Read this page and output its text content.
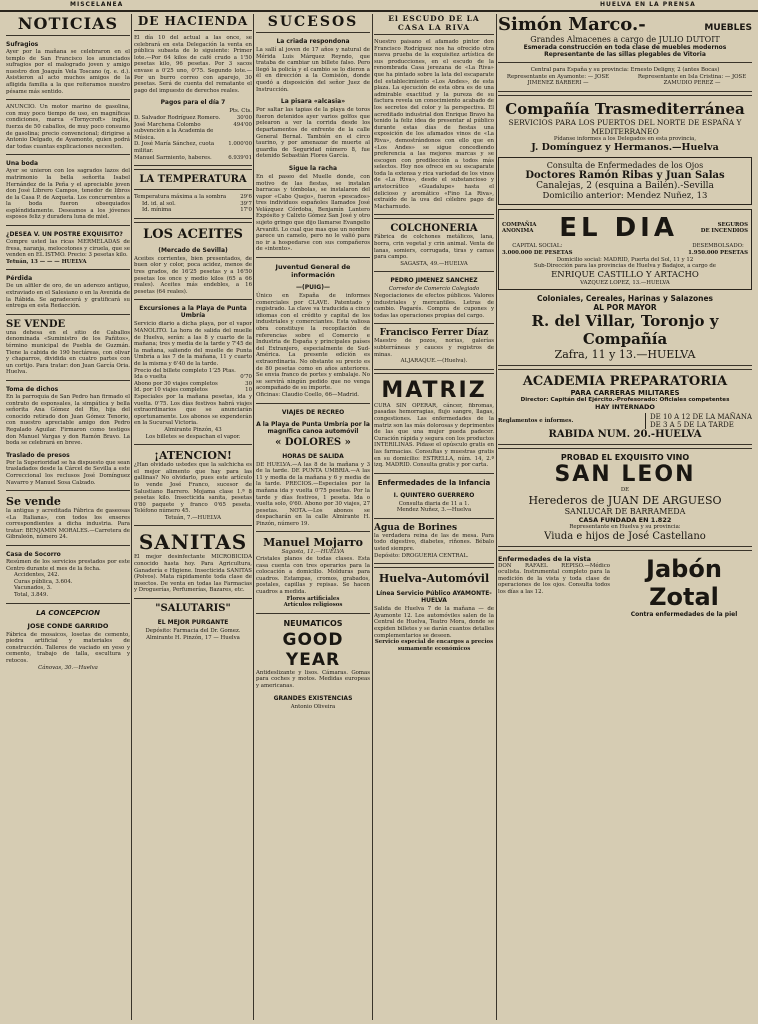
MISCELANEA	HUELVA EN LA PRENSA
NOTICIAS
Sufragios

Ayer por la mañana se celebraron en el templo de San Francisco los anunciados sufragios por el malogrado joven y amigo nuestro don Joaquín Vela Toscano (q. e. d.). Asistieron al acto muchos amigos de la afligida familia a la que reiteramos nuestro pésame más sentido.

ANUNCIO. Un motor marino de gasolina, con muy poco tiempo de uso, en magníficas condiciones, marca «Tornycroft» inglés, fuerza de 50 caballos, de muy poco consumo de gasolina; precio convencional; dirigirse a Antonio Delgado, de Ayamonte, quien podrá dar todas cuantas explicaciones necesiten.

Una boda

Ayer se unieron con los sagrados lazos del matrimonio la bella señorita Isabel Hernández de la Peña y el apreciable joven don José Librero Campos, tenedor de libros de la Casa P. de Azqueta. Los concurrentes a la boda fueron obsequiados espléndidamente. Deseamos a los jóvenes esposos feliz y duradera luna de miel.

¿DESEA V. UN POSTRE EXQUISITO?

Compre usted las ricas MERMELADAS de fresa, naranja, melocotones y ciruela, que se venden en EL ISTMO. Precio: 3 pesetas kilo.

Tetuán, 13 — — — HUELVA

Pérdida

De un alfiler de oro, de un aderezo antiguo, extraviado en el Salesiano o en la Avenida de la Rábida. Se agradecerá y gratificará su entrega en esta Redacción.

SE VENDE

una dehesa en el sitio de Caballos denominada «Suministro de los Pañitos», término municipal de Puebla de Guzmán. Tiene la cabida de 190 hectáreas, con olivar y chaparros, dividida en cuatro partes con un cortijo. Para tratar: don Juan García Oria. Huelva.

Toma de dichos

En la parroquia de San Pedro han firmado el contrato de esponsales, la simpática y bella señorita Ana Gómez del Río, hija del conocido retirado don Juan Gómez Tenorio, con nuestro apreciable amigo don Pedro Regalado Aguilar. Firmaron como testigos don Manuel Vargas y don Ramón Bravo. La boda se celebrará en breve.

Traslado de presos

Por la Superioridad se ha dispuesto que sean trasladados desde la Cárcel de Sevilla a este Correccional los reclusos José Domínguez Navarro y Manuel Sosa Calzado.

Se vende

la antigua y acreditada Fábrica de gaseosas «La Italiana», con todos los enseres correspondientes a dicha industria. Para tratar: BENJAMIN MORALES.—Carretera de Gibraleón, número 24.

Casa de Socorro

Resúmen de los servicios prestados por este Centro durante el mes de la fecha.

Accidentes, 242.

Curas pública, 3.604.

Vacunados, 3.

Total, 3.849.

LA CONCEPCION
JOSE CONDE GARRIDO

Fábrica de mosaicos, losetas de cemento, piedra artificial y materiales de construcción. Talleres de vaciado en yeso y cemento, trabajo de talla, escultura y retocos.

Cánovas, 30.—Huelva

DE HACIENDA

El día 10 del actual a las once, se celebrará en esta Delegación la venta en pública subasta de lo siguiente: Primer lote.—Por 64 kilos de café crudo a 1'50 pesetas kilo, 96 pesetas. Por 3 sacos envase a 0'25 uno, 0'75. Segundo lote.—Por un burro correo con aparejo, 30 pesetas. Será de cuenta del rematante el pago del impuesto de derechos reales.

Pagos para el día 7
Pts. Cts.
D. Salvador Rodríguez Romero.	30'00
José Marchena Colombo subvención a la Academia de Música.
494'00
D. José María Sánchez, cuota militar.
1.000'00
Manuel Sarmiento, haberes.	6.939'01
LA TEMPERATURA
Temperatura máxima a la sombra	29'6
Id. id. al sol.	39'7
Id. mínima	17'0
LOS ACEITES
(Mercado de Sevilla)

Aceites corrientes, bien presentados, de buen olor y color, poca acidez, menos de tres grados, de 16'25 pesetas y a 16'50 pesetas los once y medio kilos (65 a 66 reales). Aceites más endebles, a 16 pesetas (64 reales).

Excursiones a la Playa de Punta Umbría

Servicio diario a dicha playa, por el vapor MANOLITO. La hora de salida del muelle de Huelva, serán: a las 8 y cuarto de la mañana; tres y media de la tarde y 7'45 de la mañana, saliendo del muelle de Punta Umbría a las 7 de la mañana, 11 y cuarto de la misma y 6'40 de la tarde.

Precio del billete completo 1'25 Ptas.
Ida o vuelta	0'70
Abono por 30 viajes completos	30
Id. por 10 viajes completos	10

Especiales por la mañana pesetas, ida y vuelta. 0'75. Los días festivos habrá viajes extraordinarios que se anunciarán oportunamente. Los abonos se expenderán en la Sucursal Victoria.

Almirante Pinzón, 43

Los billetes se despachan el vapor.

¡ATENCION!

¿Han olvidado ustedes que la salchicha es el mejor alimento que hay para las gallinas? No olvidarlo, pues este artículo lo vende José Franco, sucesor de Salustiano Barrero. Mojama clase 1.ª 8 pesetas kilo. Insecticida sanita, pesetas 0'80 paquete y franco 0'65 peseta. Teléfono número 45.

Tetuán, 7.—HUELVA

SANITAS

El mejor desinfectante MICROBICIDA conocido hasta hoy. Para Agricultura, Ganadería e Higiene. Insecticida SANITAS (Polvos). Mata rápidamente toda clase de insectos. De venta en todas las Farmacias y Droguerías, Perfumerías, Bazares, etc.

"SALUTARIS"
EL MEJOR PURGANTE

Depósito: Farmacia del Dr. Gomez.

Almirante H. Pinzón, 17 — Huelva

SUCESOS
La criada respondona

La sallí al joven de 17 años y natural de Mérida Luis Márquez Reyndo, que trataba de cambiar un billete falso. Pero llegó la policía y el cambio se lo dieron a él en dirección a la Comisión, donde quedó a disposición del señor Juez de Instrucción.

La pisara «alcasia»

Por saltar las tapias de la playa de toros fueron detenidos ayer varios golfos que pelearon a ver la corrida desde los departamentos de enfrente de la calle General Bernal. También en el circo taurino, y por amenazar de muerte al guardia de Seguridad número 8, fue detenido Sebastián Flores García.

Sigue la racha

En el paseo del Muelle donde, con motivo de las fiestas, se instalan barracas y tómbolas, se instalaron del vapor «Cabo Quejo», fueron «pescados» tres individuos españoles llamados José Velázquez Córdoba, Benjamín Lantero Expósito y Calixto Gómez San José y otro sujeto gringo que dijo llamarse Evangelio Arvaniti. Lo cual que mas que un nombre parece un camelo, pero no le valió para no ir a hospedarse con sus compañeros de «intento».

Juventud General de información
—(PUIG)—

Único en España de informes comerciales por CLAVE. Patentado y registrado. La clave va traducida a cinco idiomas con el crédito y capital de los industriales y comerciantes. Esta valiosa obra constituye la recopilación de referencias sobre el Comercio e Industria de España y principales países del Extranjero, especialmente de Sud-América. La presente edición es extraordinaria. No obstante su precio es de 80 pesetas como en años anteriores. Se envía franco de portes y embalaje. No se servirá ningún pedido que no venga acompañado de su importe.

Oficinas: Claudio Coello, 66—Madrid.

VIAJES DE RECREO
A la Playa de Punta Umbría por la magnífica canoa automóvil
« DOLORES »
HORAS DE SALIDA

DE HUELVA.—A las 8 de la mañana y 3 de la tarde. DE PUNTA UMBRIA.—A las 11 y media de la mañana y 6 y media de la tarde. PRECIOS.—Especiales por la mañana ida y vuelta 0'75 pesetas. Por la tarde y días festivos, 1 peseta. Ida o vuelta solo, 0'60. Abono por 30 viajes, 27 pesetas. NOTA.—Los abonos se despacharán en la calle Almirante H. Pinzón, número 19.

Manuel Mojarro

Sagasta, 11.—HUELVA

Cristales planos de todas clases. Esta casa cuenta con tres operarios para la colocación a domicilio. Molduras para cuadros. Estampas, cromos, grabados, postales, capillas y repisas. Se hacen cuadros a medida.

Flores artificiales

Artículos religiosos

NEUMATICOS
GOOD YEAR

Antideslizante y lisos. Cámaras. Gomas para coches y motos. Medidas europeas y americanas.

GRANDES EXISTENCIAS

Antonio Oliveira

El ESCUDO DE LA CASA LA RIVA

Nuestro paisano el afamado pintor don Francisco Rodríguez nos ha ofrecido otra nueva prueba de la exquisitez artística de sus producciones, en el escudo de la renombrada Casa jerezana de «La Riva» que ha pintado sobre la lata del escaparate del establecimiento «Los Andes», de esta plaza. La ejecución de esta obra es de una admirable exactitud y la pureza de su factura revela un conocimiento acabado de los secretos del color y la perspectiva. El acreditado industrial don Enrique Bravo ha tenido la feliz idea de presentar al público durante estas días de fiestas una exposición de los afamados vinos de «La Riva», demostrándonos con ello que en «Los Andes» se sigue concediendo preferencia a las mejores marcas y se escogen con predilección a todos más selectos. Hoy nos ofrece en su escaparate toda la extensa y rica variedad de los vinos de «La Riva», desde el substancioso y aristocrático «Guadalupe» hasta el delicioso y aromático «Fino La Riva», extraído de la uva del célebre pago de Macharnudo.

COLCHONERIA

Fábrica de colchones metálicos, lana, borra, crin vegetal y crin animal. Venta de lanas, somiers, corrugada, tiras y camas para campo.

SAGASTA, 49.—HUELVA

PEDRO JIMENEZ SANCHEZ

Corredor de Comercio Colegiado

Negociaciones de efectos públicos. Valores industriales y mercantiles. Letras de cambio. Pagarés. Compra de cupones y todas las operaciones propias del cargo.

Francisco Ferrer Díaz

Maestro de pozos, norias, galerías subterráneas y cauces y registros de minas.

ALJARAQUE.—(Huelva).

MATRIZ

CURA SIN OPERAR, cáncer, fibromas, pasadas hemorragias, flujo sangre, llagas, congestiones. Las enfermedades de la matriz son las más dolorosas y deprimentes de las que una mujer pueda padecer. Curación rápida y segura con los productos INTERILINAS. Pídase el opúsculo gratis en las farmacias. Consultas y muestras gratis en su domicilio: ESTRELLA, núm. 14, 2.º izq. MADRID. Consulta gratis y por carta.

Enfermedades de la Infancia
I. QUINTERO GUERRERO

Consulta diaria de 11 a 1.

Mendez Nuñez, 3.—Huelva

Agua de Borines

la verdadera reina de las de mesa. Para todo digestivo, diabetes, riñones. Bébalo usted siempre.

Depósito: DROGUERIA CENTRAL.

Huelva-Automóvil
Línea Servicio Público AYAMONTE-HUELVA

Salida de Huelva 7 de la mañana — de Ayamonte 12. Los automóviles salen de la Central de Huelva, Teatro Mora, donde se expiden billetes y se darán cuantos detalles complementarios se deseen.

Servicio especial de encargos a precios sumamente económicos

Simón Marco.-	MUEBLES
Grandes Almacenes a cargo de JULIO DUTOIT
Esmerada construcción en toda clase de muebles modernos
Representante de las sillas plegables de Vitoria
Central para España y su provincia: Ernesto Deligny, 2 (antes Bocas)
Representante en Ayamonte: — JOSE JIMENEZ BARBERI —
Representante en Isla Cristina: — JOSE ZAMUDIO PEREZ —
Compañía Trasmediterránea
SERVICIOS PARA LOS PUERTOS DEL NORTE DE ESPAÑA Y MEDITERRANEO
Pídanse informes a los Delegados en esta provincia,
J. Domínguez y Hermanos.—Huelva
Consulta de Enfermedades de los Ojos
Doctores Ramón Ribas y Juan Salas
Canalejas, 2 (esquina a Bailén).-Sevilla
Domicilio anterior: Mendez Nuñez, 13
COMPAÑIA
ANONIMA EL DIA	SEGUROS
DE INCENDIOS
CAPITAL SOCIAL:
3.000.000 DE PESETAS
DESEMBOLSADO:
1.950.000 PESETAS
Domicilio social: MADRID, Puerta del Sol, 11 y 12
Sub-Dirección para las provincias de Huelva y Badajoz, a cargo de
ENRIQUE CASTILLO Y ARTACHO
VAZQUEZ LOPEZ, 13.—HUELVA
Coloniales, Cereales, Harinas y Salazones
AL POR MAYOR
R. del Villar, Toronjo y Compañía
Zafra, 11 y 13.—HUELVA
ACADEMIA PREPARATORIA
PARA CARRERAS MILITARES
Director: Capitán del Ejército.-Profesorado: Oficiales competentes
HAY INTERNADO
Reglamentos e informes.	DE 10 A 12 DE LA MAÑANA
DE 3 A 5 DE LA TARDE
RABIDA NUM. 20.-HUELVA
PROBAD EL EXQUISITO VINO
SAN LEON
DE
Herederos de JUAN DE ARGUESO
SANLUCAR DE BARRAMEDA
CASA FUNDADA EN 1.822
Representante en Huelva y su provincia:
Viuda e hijos de José Castellano
Enfermedades de la vista

DON RAFAEL REPISO.—Médico oculista. Instrumental completo para la medición de la vista y toda clase de operaciones de los ojos. Consulta todos los días a las 12.

Jabón Zotal
Contra enfermedades de la piel
